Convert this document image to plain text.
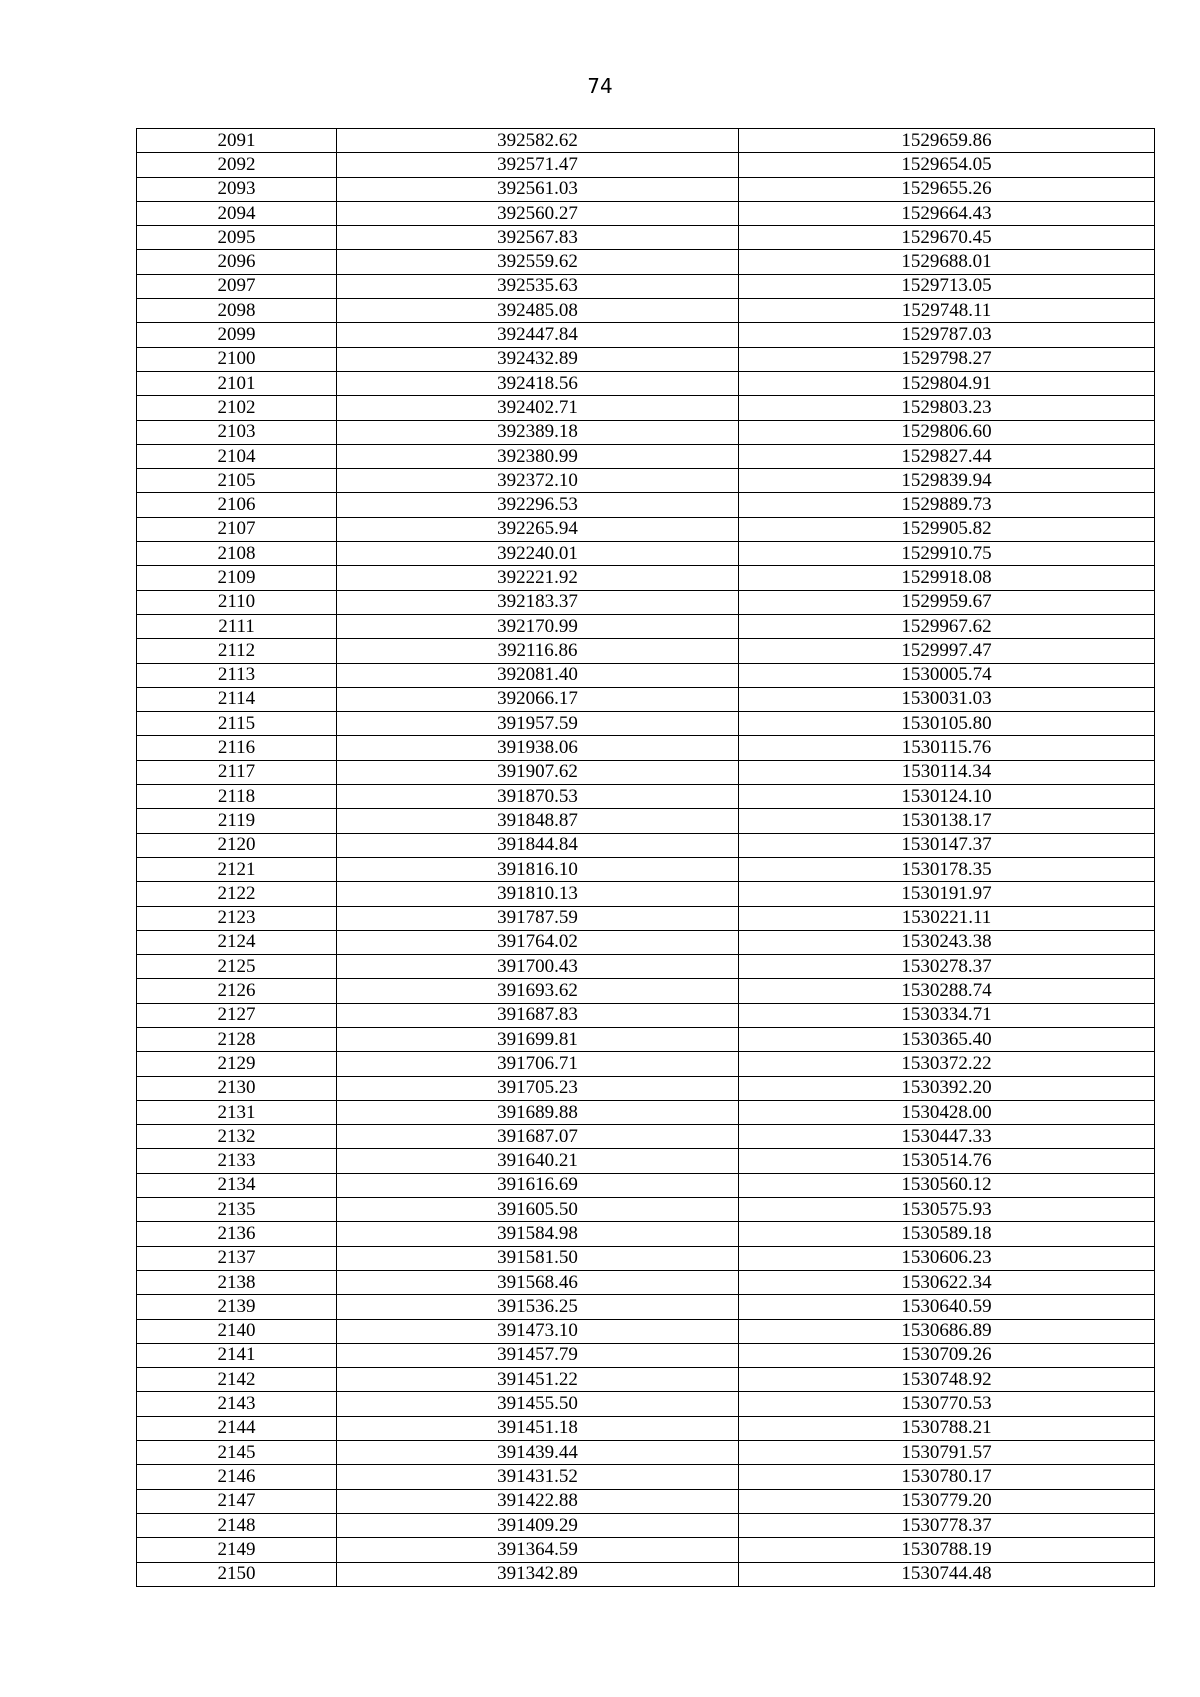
74
2091	392582.62	1529659.86
2092	392571.47	1529654.05
2093	392561.03	1529655.26
2094	392560.27	1529664.43
2095	392567.83	1529670.45
2096	392559.62	1529688.01
2097	392535.63	1529713.05
2098	392485.08	1529748.11
2099	392447.84	1529787.03
2100	392432.89	1529798.27
2101	392418.56	1529804.91
2102	392402.71	1529803.23
2103	392389.18	1529806.60
2104	392380.99	1529827.44
2105	392372.10	1529839.94
2106	392296.53	1529889.73
2107	392265.94	1529905.82
2108	392240.01	1529910.75
2109	392221.92	1529918.08
2110	392183.37	1529959.67
2111	392170.99	1529967.62
2112	392116.86	1529997.47
2113	392081.40	1530005.74
2114	392066.17	1530031.03
2115	391957.59	1530105.80
2116	391938.06	1530115.76
2117	391907.62	1530114.34
2118	391870.53	1530124.10
2119	391848.87	1530138.17
2120	391844.84	1530147.37
2121	391816.10	1530178.35
2122	391810.13	1530191.97
2123	391787.59	1530221.11
2124	391764.02	1530243.38
2125	391700.43	1530278.37
2126	391693.62	1530288.74
2127	391687.83	1530334.71
2128	391699.81	1530365.40
2129	391706.71	1530372.22
2130	391705.23	1530392.20
2131	391689.88	1530428.00
2132	391687.07	1530447.33
2133	391640.21	1530514.76
2134	391616.69	1530560.12
2135	391605.50	1530575.93
2136	391584.98	1530589.18
2137	391581.50	1530606.23
2138	391568.46	1530622.34
2139	391536.25	1530640.59
2140	391473.10	1530686.89
2141	391457.79	1530709.26
2142	391451.22	1530748.92
2143	391455.50	1530770.53
2144	391451.18	1530788.21
2145	391439.44	1530791.57
2146	391431.52	1530780.17
2147	391422.88	1530779.20
2148	391409.29	1530778.37
2149	391364.59	1530788.19
2150	391342.89	1530744.48
